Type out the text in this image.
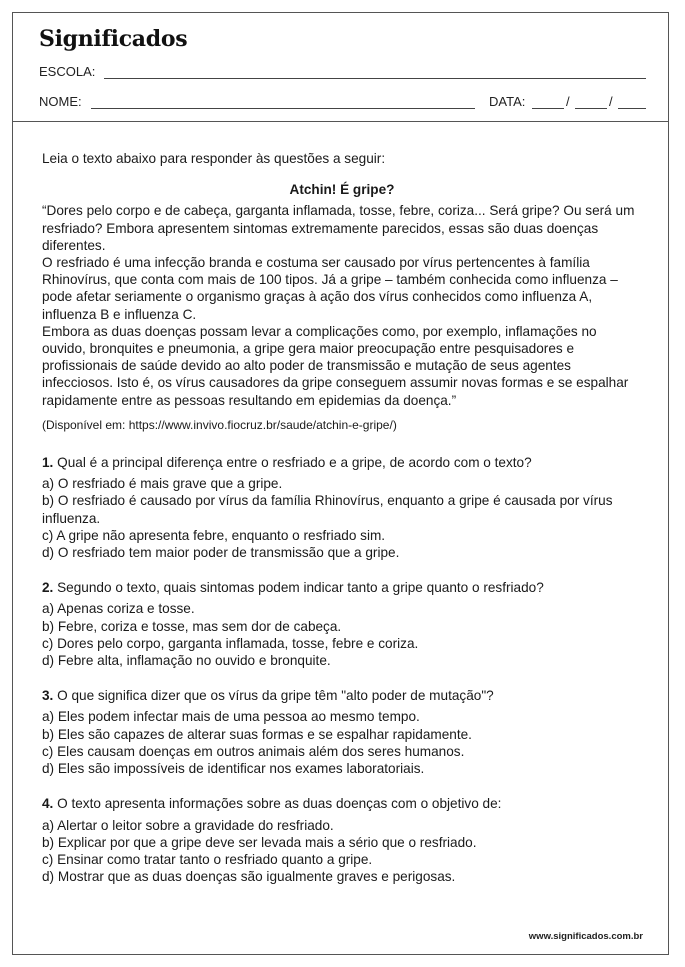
Significados
ESCOLA:
NOME:	DATA:	/	/

Leia o texto abaixo para responder às questões a seguir:

Atchin! É gripe?

“Dores pelo corpo e de cabeça, garganta inflamada, tosse, febre, coriza... Será gripe? Ou será um resfriado? Embora apresentem sintomas extremamente parecidos, essas são duas doenças diferentes.

O resfriado é uma infecção branda e costuma ser causado por vírus pertencentes à família Rhinovírus, que conta com mais de 100 tipos. Já a gripe – também conhecida como influenza – pode afetar seriamente o organismo graças à ação dos vírus conhecidos como influenza A, influenza B e influenza C.

Embora as duas doenças possam levar a complicações como, por exemplo, inflamações no ouvido, bronquites e pneumonia, a gripe gera maior preocupação entre pesquisadores e profissionais de saúde devido ao alto poder de transmissão e mutação de seus agentes infecciosos. Isto é, os vírus causadores da gripe conseguem assumir novas formas e se espalhar rapidamente entre as pessoas resultando em epidemias da doença.”

(Disponível em: https://www.invivo.fiocruz.br/saude/atchin-e-gripe/)

1. Qual é a principal diferença entre o resfriado e a gripe, de acordo com o texto?

a) O resfriado é mais grave que a gripe.

b) O resfriado é causado por vírus da família Rhinovírus, enquanto a gripe é causada por vírus influenza.

c) A gripe não apresenta febre, enquanto o resfriado sim.

d) O resfriado tem maior poder de transmissão que a gripe.

2. Segundo o texto, quais sintomas podem indicar tanto a gripe quanto o resfriado?

a) Apenas coriza e tosse.

b) Febre, coriza e tosse, mas sem dor de cabeça.

c) Dores pelo corpo, garganta inflamada, tosse, febre e coriza.

d) Febre alta, inflamação no ouvido e bronquite.

3. O que significa dizer que os vírus da gripe têm "alto poder de mutação"?

a) Eles podem infectar mais de uma pessoa ao mesmo tempo.

b) Eles são capazes de alterar suas formas e se espalhar rapidamente.

c) Eles causam doenças em outros animais além dos seres humanos.

d) Eles são impossíveis de identificar nos exames laboratoriais.

4. O texto apresenta informações sobre as duas doenças com o objetivo de:

a) Alertar o leitor sobre a gravidade do resfriado.

b) Explicar por que a gripe deve ser levada mais a sério que o resfriado.

c) Ensinar como tratar tanto o resfriado quanto a gripe.

d) Mostrar que as duas doenças são igualmente graves e perigosas.

www.significados.com.br
